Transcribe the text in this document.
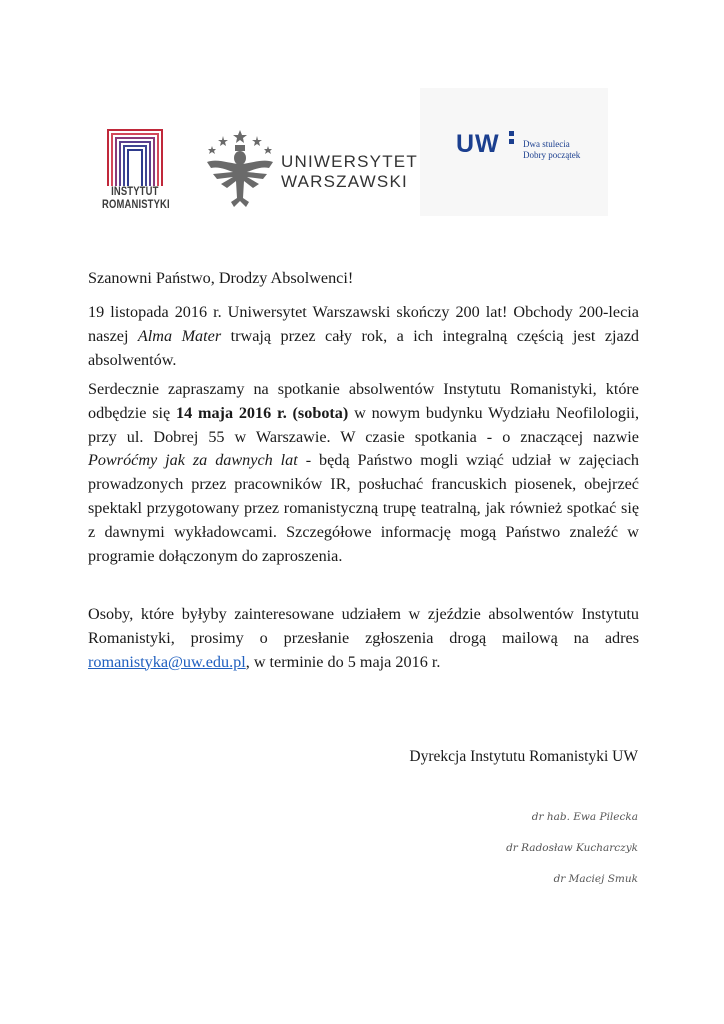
INSTYTUT
ROMANISTYKI
UNIWERSYTET
WARSZAWSKI
UW	Dwa stulecia
Dobry początek
Szanowni Państwo, Drodzy Absolwenci!
19 listopada 2016 r. Uniwersytet Warszawski skończy 200 lat! Obchody 200-lecia naszej Alma Mater trwają przez cały rok, a ich integralną częścią jest zjazd absolwentów.
Serdecznie zapraszamy na spotkanie absolwentów Instytutu Romanistyki, które odbędzie się 14 maja 2016 r. (sobota) w nowym budynku Wydziału Neofilologii, przy ul. Dobrej 55 w Warszawie. W czasie spotkania - o znaczącej nazwie Powróćmy jak za dawnych lat - będą Państwo mogli wziąć udział w zajęciach prowadzonych przez pracowników IR, posłuchać francuskich piosenek, obejrzeć spektakl przygotowany przez romanistyczną trupę teatralną, jak również spotkać się z dawnymi wykładowcami. Szczegółowe informację mogą Państwo znaleźć w programie dołączonym do zaproszenia.
Osoby, które byłyby zainteresowane udziałem w zjeździe absolwentów Instytutu Romanistyki, prosimy o przesłanie zgłoszenia drogą mailową na adres romanistyka@uw.edu.pl, w terminie do 5 maja 2016 r.
Dyrekcja Instytutu Romanistyki UW
dr hab. Ewa Pilecka
dr Radosław Kucharczyk
dr Maciej Smuk
